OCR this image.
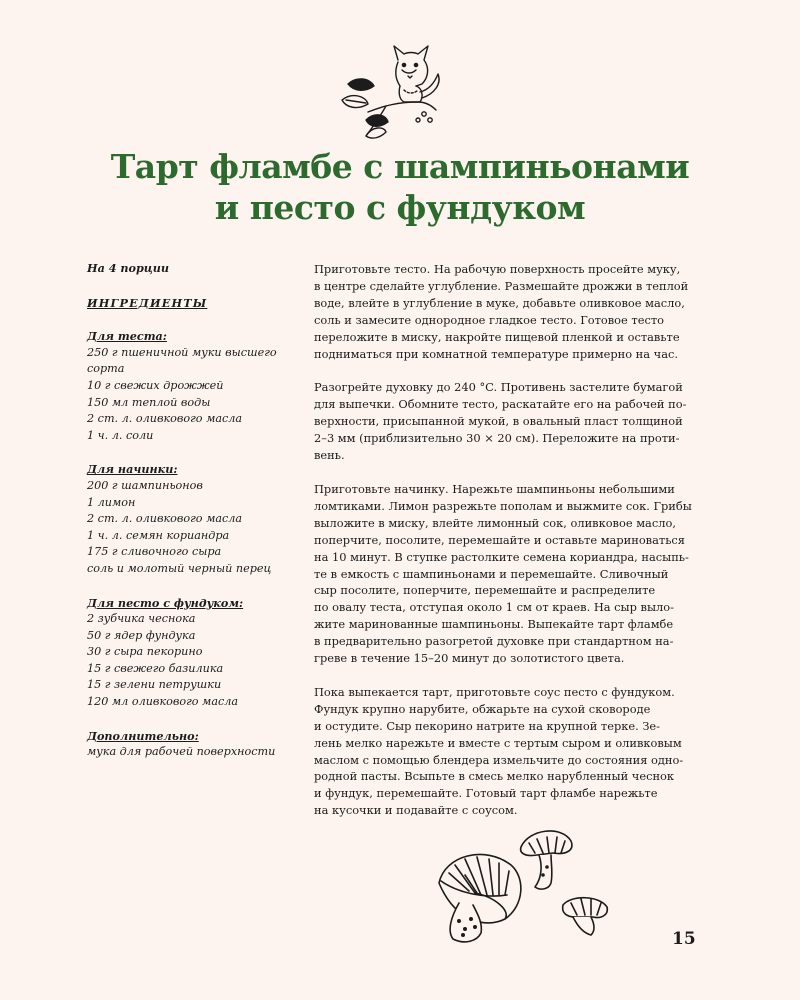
Тарт фламбе с шампиньонами
и песто с фундуком
На 4 порции
ИНГРЕДИЕНТЫ
Для теста:
250 г пшеничной муки высшего
сорта
10 г свежих дрожжей
150 мл теплой воды
2 ст. л. оливкового масла
1 ч. л. соли
Для начинки:
200 г шампиньонов
1 лимон
2 ст. л. оливкового масла
1 ч. л. семян кориандра
175 г сливочного сыра
соль и молотый черный перец
Для песто с фундуком:
2 зубчика чеснока
50 г ядер фундука
30 г сыра пекорино
15 г свежего базилика
15 г зелени петрушки
120 мл оливкового масла
Дополнительно:
мука для рабочей поверхности

Приготовьте тесто. На рабочую поверхность просейте муку,
в центре сделайте углубление. Размешайте дрожжи в теплой
воде, влейте в углубление в муке, добавьте оливковое масло,
соль и замесите однородное гладкое тесто. Готовое тесто
переложите в миску, накройте пищевой пленкой и оставьте
подниматься при комнатной температуре примерно на час.

Разогрейте духовку до 240 °C. Противень застелите бумагой
для выпечки. Обомните тесто, раскатайте его на рабочей по-
верхности, присыпанной мукой, в овальный пласт толщиной
2–3 мм (приблизительно 30 × 20 см). Переложите на проти-
вень.

Приготовьте начинку. Нарежьте шампиньоны небольшими
ломтиками. Лимон разрежьте пополам и выжмите сок. Грибы
выложите в миску, влейте лимонный сок, оливковое масло,
поперчите, посолите, перемешайте и оставьте мариноваться
на 10 минут. В ступке растолките семена кориандра, насыпь-
те в емкость с шампиньонами и перемешайте. Сливочный
сыр посолите, поперчите, перемешайте и распределите
по овалу теста, отступая около 1 см от краев. На сыр выло-
жите маринованные шампиньоны. Выпекайте тарт фламбе
в предварительно разогретой духовке при стандартном на-
греве в течение 15–20 минут до золотистого цвета.

Пока выпекается тарт, приготовьте соус песто с фундуком.
Фундук крупно нарубите, обжарьте на сухой сковороде
и остудите. Сыр пекорино натрите на крупной терке. Зе-
лень мелко нарежьте и вместе с тертым сыром и оливковым
маслом с помощью блендера измельчите до состояния одно-
родной пасты. Всыпьте в смесь мелко нарубленный чеснок
и фундук, перемешайте. Готовый тарт фламбе нарежьте
на кусочки и подавайте с соусом.

15
